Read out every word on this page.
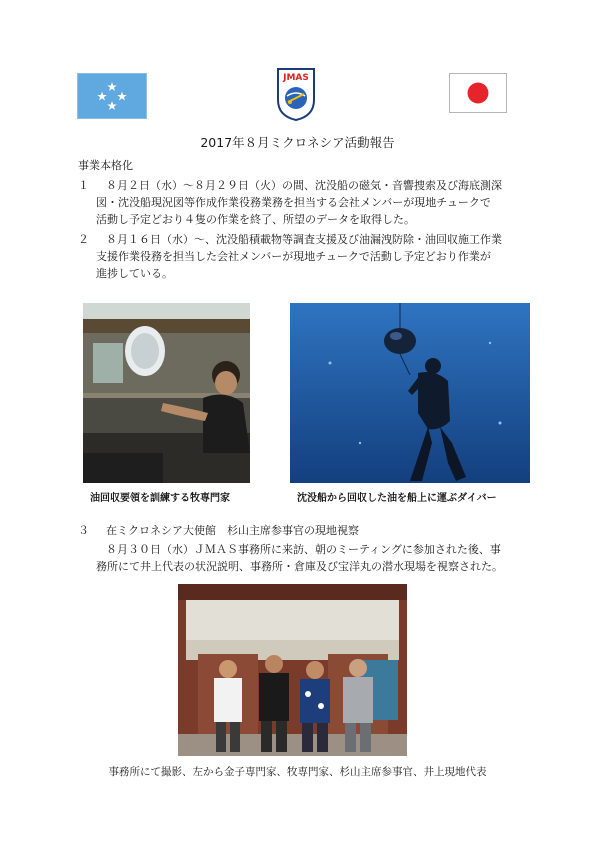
JMAS
2017年８月ミクロネシア活動報告
事業本格化
１ ８月２日（水）～８月２９日（火）の間、沈没船の磁気・音響捜索及び海底測深
図・沈没船現況図等作成作業役務業務を担当する会社メンバーが現地チュークで
活動し予定どおり４隻の作業を終了、所望のデータを取得した。
２ ８月１６日（水）～、沈没船積載物等調査支援及び油漏洩防除・油回収施工作業
支援作業役務を担当した会社メンバーが現地チュークで活動し予定どおり作業が
進捗している。
油回収要領を訓練する牧専門家	沈没船から回収した油を船上に運ぶダイバー
３ 在ミクロネシア大使館　杉山主席参事官の現地視察
８月３０日（水）ＪＭＡＳ事務所に来訪、朝のミーティングに参加された後、事
務所にて井上代表の状況説明、事務所・倉庫及び宝洋丸の潜水現場を視察された。
事務所にて撮影、左から金子専門家、牧専門家、杉山主席参事官、井上現地代表
